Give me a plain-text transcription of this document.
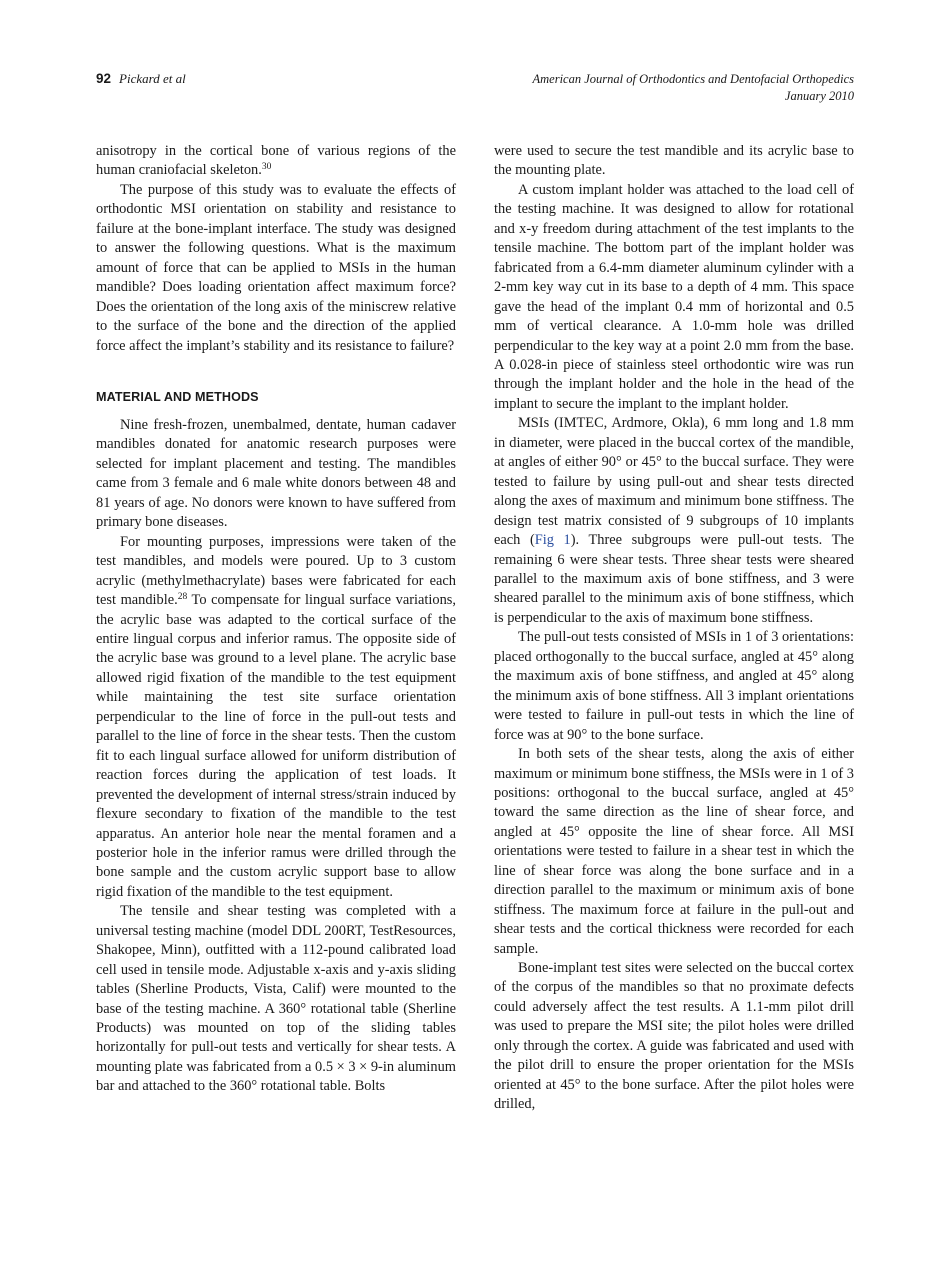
92 Pickard et al	American Journal of Orthodontics and Dentofacial Orthopedics
January 2010

anisotropy in the cortical bone of various regions of the human craniofacial skeleton.$^{30}$

The purpose of this study was to evaluate the effects of orthodontic MSI orientation on stability and resistance to failure at the bone-implant interface. The study was designed to answer the following questions. What is the maximum amount of force that can be applied to MSIs in the human mandible? Does loading orientation affect maximum force? Does the orientation of the long axis of the miniscrew relative to the surface of the bone and the direction of the applied force affect the implant’s stability and its resistance to failure?

MATERIAL AND METHODS

Nine fresh-frozen, unembalmed, dentate, human cadaver mandibles donated for anatomic research purposes were selected for implant placement and testing. The mandibles came from 3 female and 6 male white donors between 48 and 81 years of age. No donors were known to have suffered from primary bone diseases.

For mounting purposes, impressions were taken of the test mandibles, and models were poured. Up to 3 custom acrylic (methylmethacrylate) bases were fabricated for each test mandible.$^{28}$ To compensate for lingual surface variations, the acrylic base was adapted to the cortical surface of the entire lingual corpus and inferior ramus. The opposite side of the acrylic base was ground to a level plane. The acrylic base allowed rigid fixation of the mandible to the test equipment while maintaining the test site surface orientation perpendicular to the line of force in the pull-out tests and parallel to the line of force in the shear tests. Then the custom fit to each lingual surface allowed for uniform distribution of reaction forces during the application of test loads. It prevented the development of internal stress/strain induced by flexure secondary to fixation of the mandible to the test apparatus. An anterior hole near the mental foramen and a posterior hole in the inferior ramus were drilled through the bone sample and the custom acrylic support base to allow rigid fixation of the mandible to the test equipment.

The tensile and shear testing was completed with a universal testing machine (model DDL 200RT, TestResources, Shakopee, Minn), outfitted with a 112-pound calibrated load cell used in tensile mode. Adjustable x-axis and y-axis sliding tables (Sherline Products, Vista, Calif) were mounted to the base of the testing machine. A 360° rotational table (Sherline Products) was mounted on top of the sliding tables horizontally for pull-out tests and vertically for shear tests. A mounting plate was fabricated from a 0.5 × 3 × 9-in aluminum bar and attached to the 360° rotational table. Bolts

were used to secure the test mandible and its acrylic base to the mounting plate.

A custom implant holder was attached to the load cell of the testing machine. It was designed to allow for rotational and x-y freedom during attachment of the test implants to the tensile machine. The bottom part of the implant holder was fabricated from a 6.4-mm diameter aluminum cylinder with a 2-mm key way cut in its base to a depth of 4 mm. This space gave the head of the implant 0.4 mm of horizontal and 0.5 mm of vertical clearance. A 1.0-mm hole was drilled perpendicular to the key way at a point 2.0 mm from the base. A 0.028-in piece of stainless steel orthodontic wire was run through the implant holder and the hole in the head of the implant to secure the implant to the implant holder.

MSIs (IMTEC, Ardmore, Okla), 6 mm long and 1.8 mm in diameter, were placed in the buccal cortex of the mandible, at angles of either 90° or 45° to the buccal surface. They were tested to failure by using pull-out and shear tests directed along the axes of maximum and minimum bone stiffness. The design test matrix consisted of 9 subgroups of 10 implants each (Fig 1). Three subgroups were pull-out tests. The remaining 6 were shear tests. Three shear tests were sheared parallel to the maximum axis of bone stiffness, and 3 were sheared parallel to the minimum axis of bone stiffness, which is perpendicular to the axis of maximum bone stiffness.

The pull-out tests consisted of MSIs in 1 of 3 orientations: placed orthogonally to the buccal surface, angled at 45° along the maximum axis of bone stiffness, and angled at 45° along the minimum axis of bone stiffness. All 3 implant orientations were tested to failure in pull-out tests in which the line of force was at 90° to the bone surface.

In both sets of the shear tests, along the axis of either maximum or minimum bone stiffness, the MSIs were in 1 of 3 positions: orthogonal to the buccal surface, angled at 45° toward the same direction as the line of shear force, and angled at 45° opposite the line of shear force. All MSI orientations were tested to failure in a shear test in which the line of shear force was along the bone surface and in a direction parallel to the maximum or minimum axis of bone stiffness. The maximum force at failure in the pull-out and shear tests and the cortical thickness were recorded for each sample.

Bone-implant test sites were selected on the buccal cortex of the corpus of the mandibles so that no proximate defects could adversely affect the test results. A 1.1-mm pilot drill was used to prepare the MSI site; the pilot holes were drilled only through the cortex. A guide was fabricated and used with the pilot drill to ensure the proper orientation for the MSIs oriented at 45° to the bone surface. After the pilot holes were drilled,
